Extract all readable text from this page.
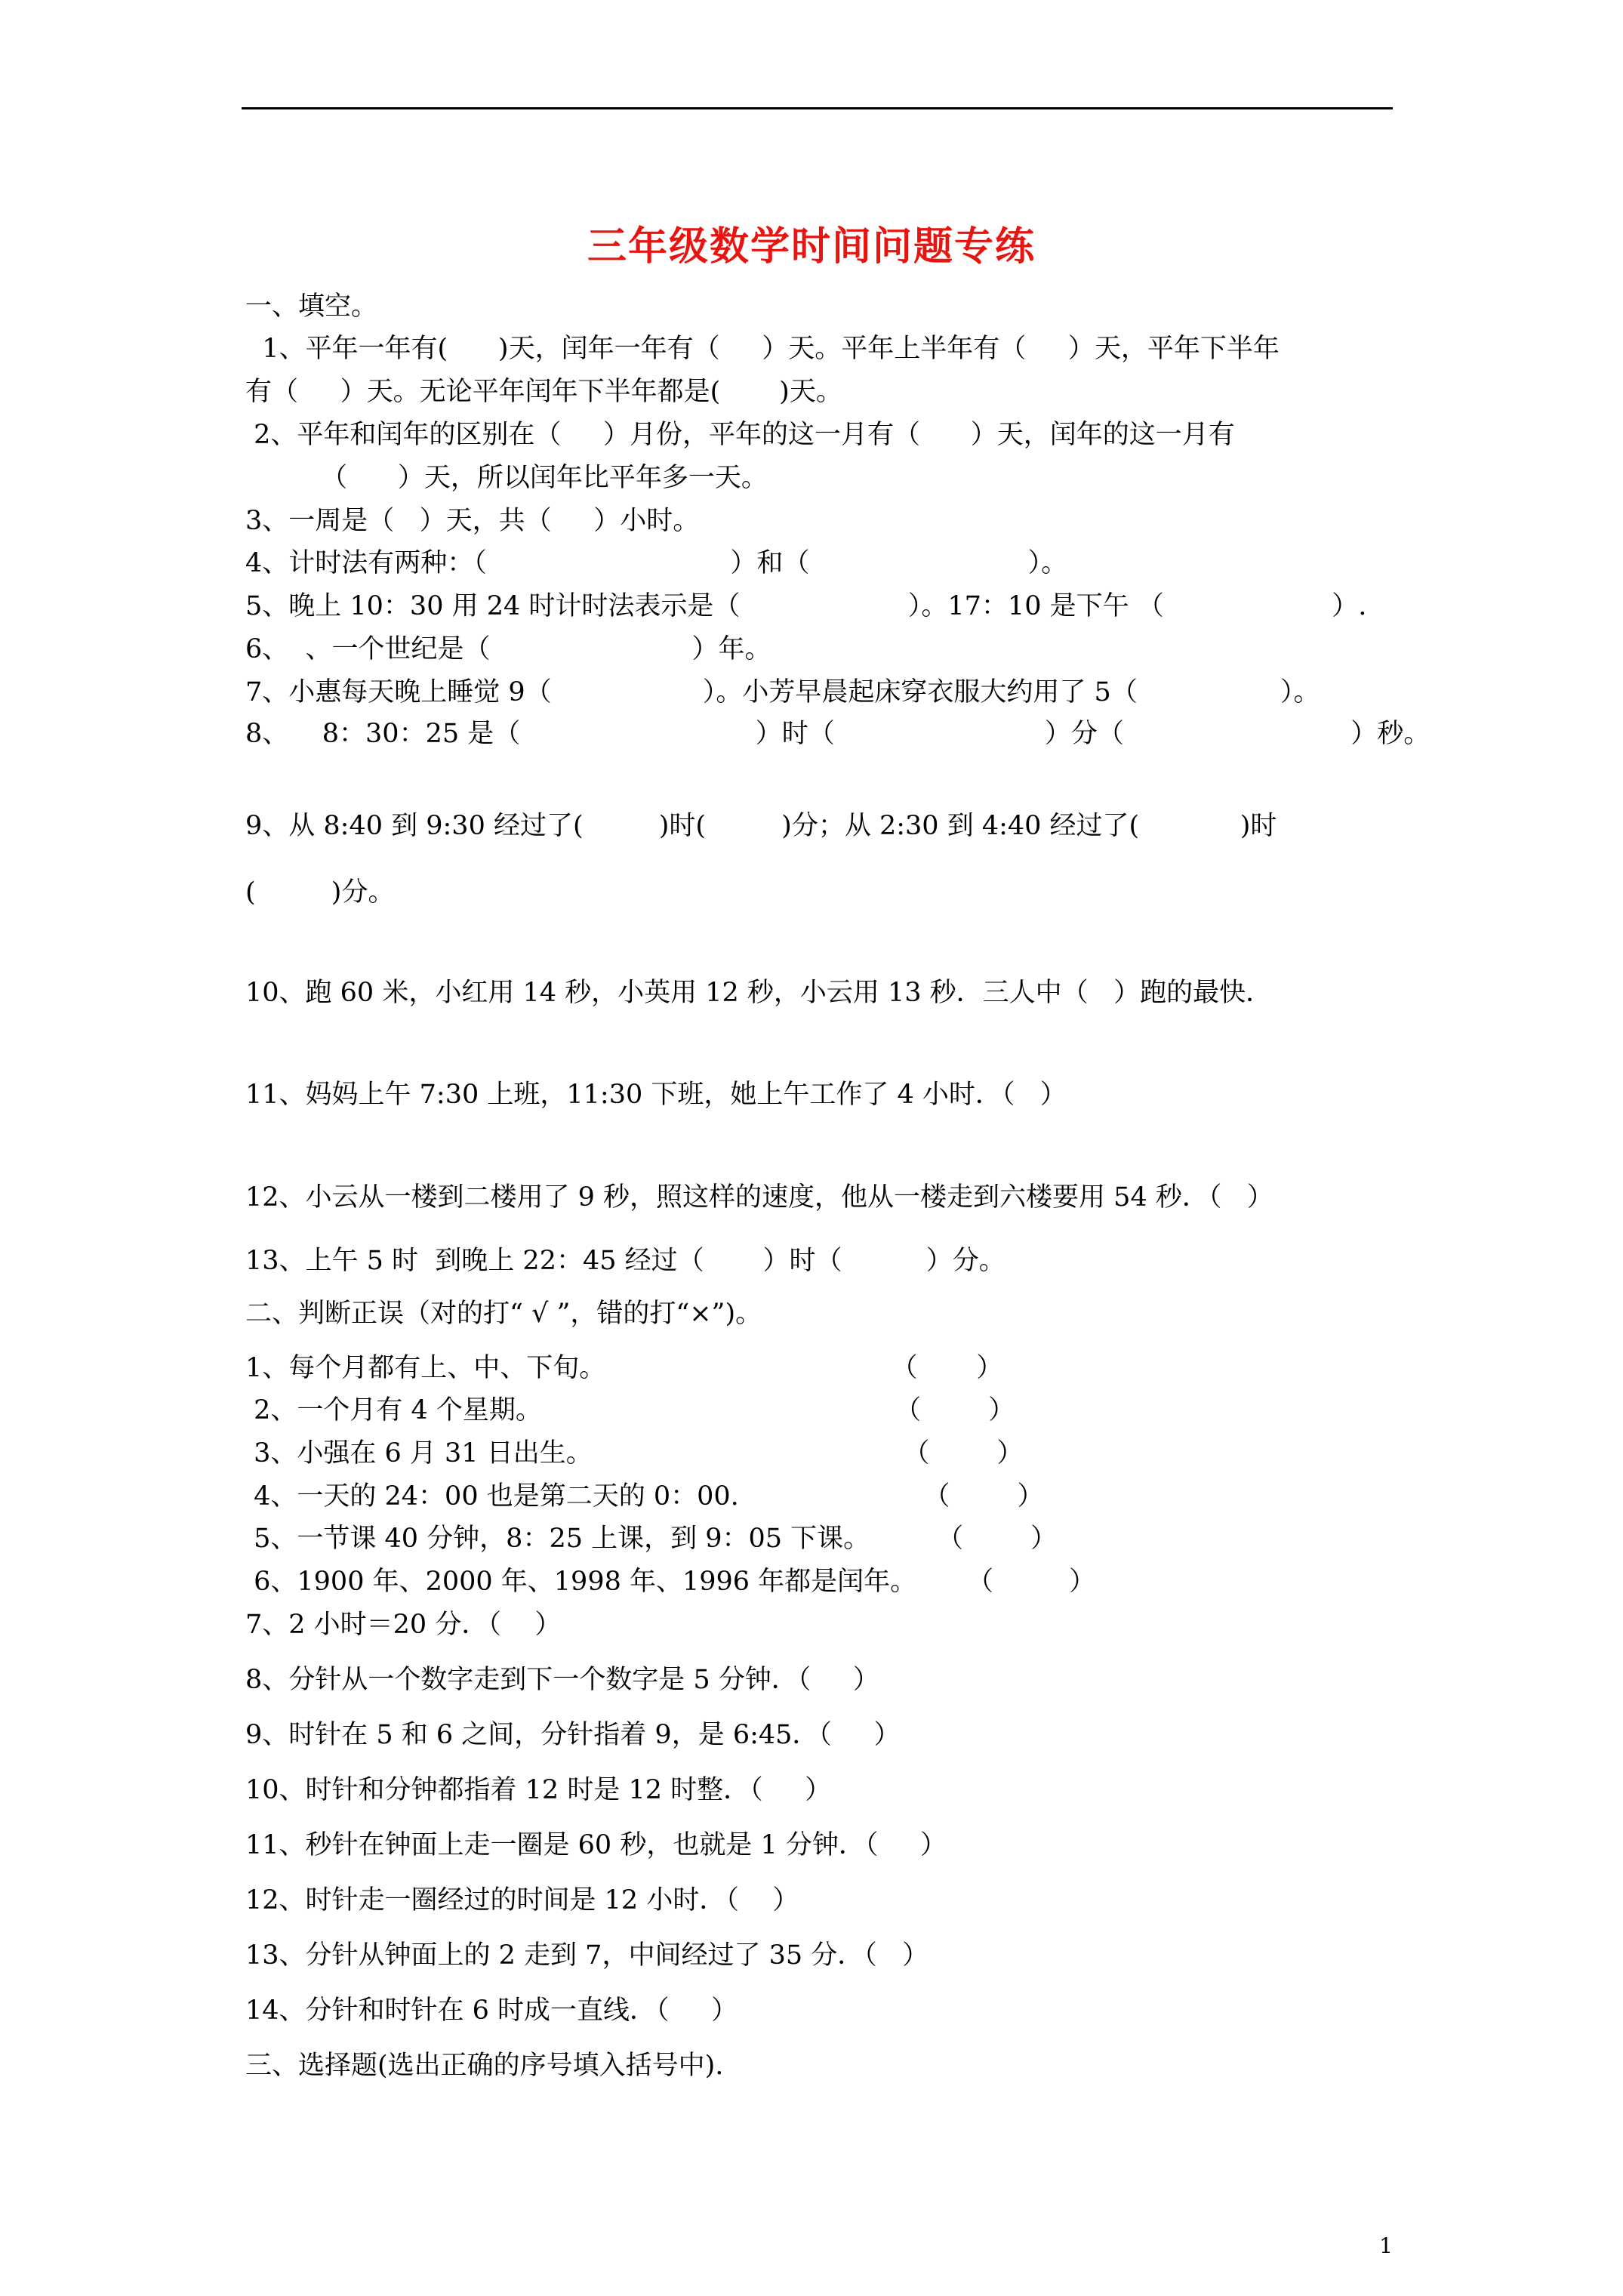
三年级数学时间问题专练
一、填空。
1、平年一年有(      )天，闰年一年有（     ）天。平年上半年有（     ）天，平年下半年
有（     ）天。无论平年闰年下半年都是(       )天。
2、平年和闰年的区别在（     ）月份，平年的这一月有（      ）天，闰年的这一月有
（      ）天，所以闰年比平年多一天。
3、一周是（   ）天，共（     ）小时。
4、计时法有两种：（                             ）和（                          ）。
5、晚上 10：30 用 24 时计时法表示是（                    ）。17：10 是下午 （                    ）.
6、  、一个世纪是（                        ）年。
7、小惠每天晚上睡觉 9（                  ）。小芳早晨起床穿衣服大约用了 5（                 ）。
8、    8：30：25 是（                            ）时（                         ）分（                           ）秒。
9、从 8:40 到 9:30 经过了(         )时(         )分；从 2:30 到 4:40 经过了(            )时
(         )分。
10、跑 60 米，小红用 14 秒，小英用 12 秒，小云用 13 秒．三人中（   ）跑的最快．
11、妈妈上午 7:30 上班，11:30 下班，她上午工作了 4 小时．（   ）
12、小云从一楼到二楼用了 9 秒，照这样的速度，他从一楼走到六楼要用 54 秒．（   ）
13、上午 5 时  到晚上 22：45 经过（       ）时（          ）分。
二、判断正误（对的打“ √ ”，错的打“×”)。
1、每个月都有上、中、下旬。                                  （       ）
2、一个月有 4 个星期。                                          （        ）
3、小强在 6 月 31 日出生。                                     （        ）
4、一天的 24：00 也是第二天的 0：00.                      （        ）
5、一节课 40 分钟，8：25 上课，到 9：05 下课。        （        ）
6、1900 年、2000 年、1998 年、1996 年都是闰年。      （         ）
7、2 小时＝20 分．（    ）
8、分针从一个数字走到下一个数字是 5 分钟．（     ）
9、时针在 5 和 6 之间，分针指着 9，是 6:45．（     ）
10、时针和分钟都指着 12 时是 12 时整．（     ）
11、秒针在钟面上走一圈是 60 秒，也就是 1 分钟．（     ）
12、时针走一圈经过的时间是 12 小时．（    ）
13、分针从钟面上的 2 走到 7，中间经过了 35 分．（   ）
14、分针和时针在 6 时成一直线．（     ）
三、选择题(选出正确的序号填入括号中).
1
